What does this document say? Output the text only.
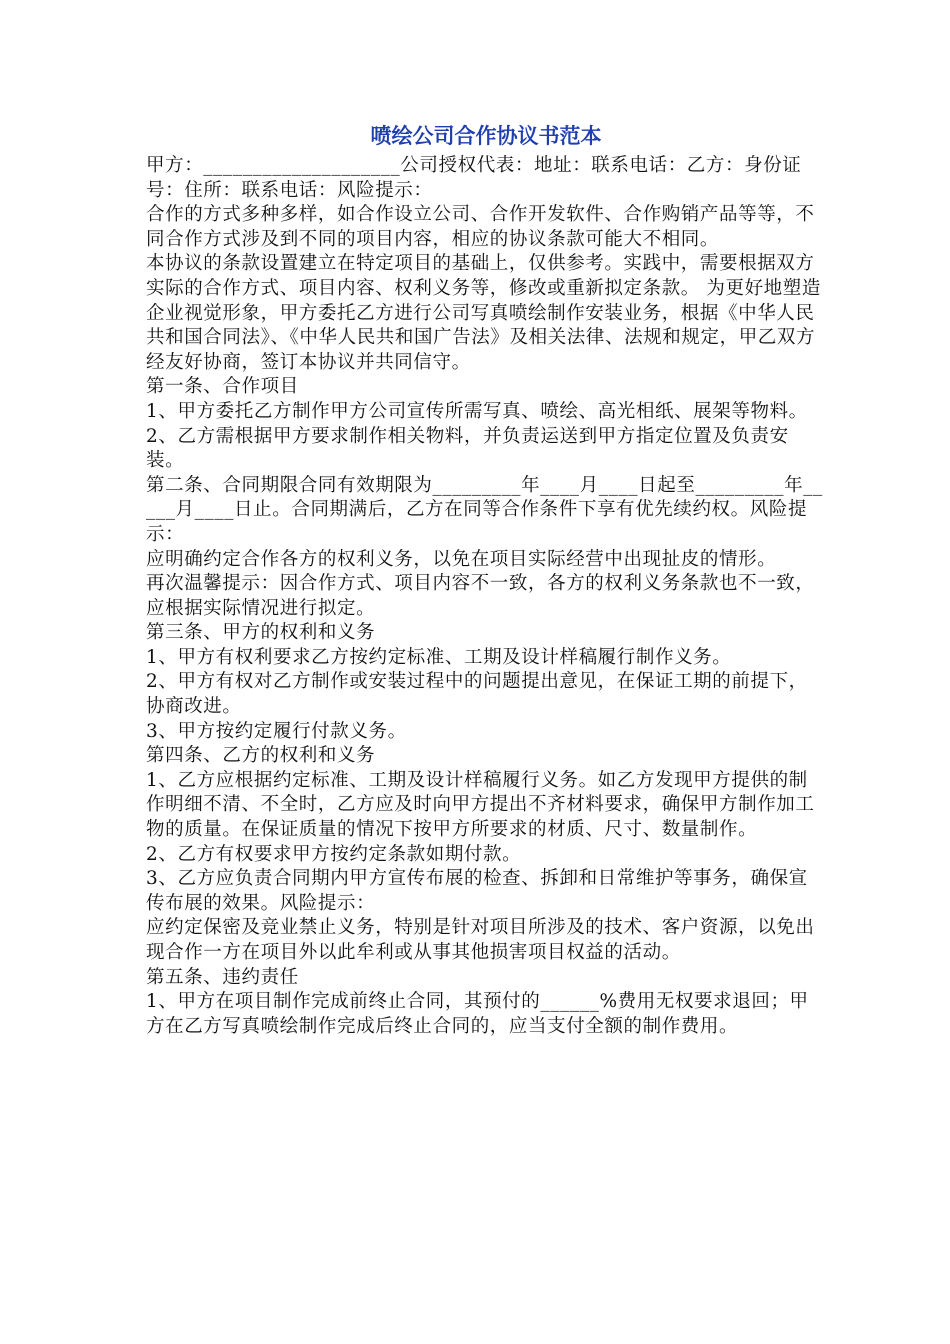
喷绘公司合作协议书范本

甲方：____________________公司授权代表：地址：联系电话：乙方：身份证号：住所：联系电话：风险提示：

合作的方式多种多样，如合作设立公司、合作开发软件、合作购销产品等等，不同合作方式涉及到不同的项目内容，相应的协议条款可能大不相同。

本协议的条款设置建立在特定项目的基础上，仅供参考。实践中，需要根据双方实际的合作方式、项目内容、权利义务等，修改或重新拟定条款。 为更好地塑造企业视觉形象，甲方委托乙方进行公司写真喷绘制作安装业务，根据《中华人民共和国合同法》、《中华人民共和国广告法》及相关法律、法规和规定，甲乙双方经友好协商，签订本协议并共同信守。

第一条、合作项目

1、甲方委托乙方制作甲方公司宣传所需写真、喷绘、高光相纸、展架等物料。

2、乙方需根据甲方要求制作相关物料，并负责运送到甲方指定位置及负责安装。

第二条、合同期限合同有效期限为_________年____月____日起至_________年_____月____日止。合同期满后，乙方在同等合作条件下享有优先续约权。风险提示：

应明确约定合作各方的权利义务，以免在项目实际经营中出现扯皮的情形。

再次温馨提示：因合作方式、项目内容不一致，各方的权利义务条款也不一致，应根据实际情况进行拟定。

第三条、甲方的权利和义务

1、甲方有权利要求乙方按约定标准、工期及设计样稿履行制作义务。

2、甲方有权对乙方制作或安装过程中的问题提出意见，在保证工期的前提下，协商改进。

3、甲方按约定履行付款义务。

第四条、乙方的权利和义务

1、乙方应根据约定标准、工期及设计样稿履行义务。如乙方发现甲方提供的制作明细不清、不全时，乙方应及时向甲方提出不齐材料要求，确保甲方制作加工物的质量。在保证质量的情况下按甲方所要求的材质、尺寸、数量制作。

2、乙方有权要求甲方按约定条款如期付款。

3、乙方应负责合同期内甲方宣传布展的检查、拆卸和日常维护等事务，确保宣传布展的效果。风险提示：

应约定保密及竞业禁止义务，特别是针对项目所涉及的技术、客户资源，以免出现合作一方在项目外以此牟利或从事其他损害项目权益的活动。

第五条、违约责任

1、甲方在项目制作完成前终止合同，其预付的______%费用无权要求退回；甲方在乙方写真喷绘制作完成后终止合同的，应当支付全额的制作费用。
